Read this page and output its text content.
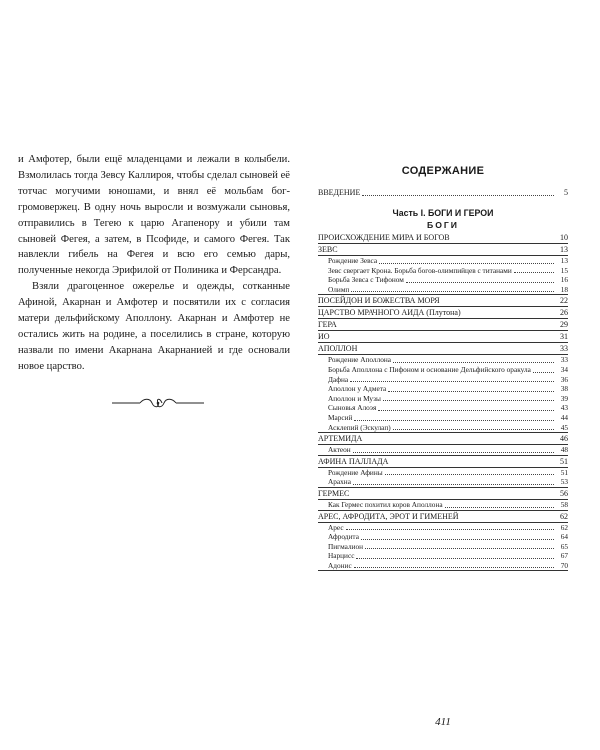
и Амфотер, были ещё младенцами и лежали в колыбели. Взмолилась тогда Зевсу Каллироя, чтобы сделал сыновей её тотчас могучими юношами, и внял её мольбам бог-громовержец. В одну ночь выросли и возмужали сыновья, отправились в Тегею к царю Агапенору и убили там сыновей Фегея, а затем, в Псофиде, и самого Фегея. Так навлекли гибель на Фегея и всю его семью дары, полученные некогда Эрифилой от Полиника и Ферсандра.

Взяли драгоценное ожерелье и одежды, сотканные Афиной, Акарнан и Амфотер и посвятили их с согласия матери дельфийскому Аполлону. Акарнан и Амфотер не остались жить на родине, а поселились в стране, которую назвали по имени Акарнана Акарнанией и где основали новое царство.

СОДЕРЖАНИЕ
ВВЕДЕНИЕ	5
Часть I. БОГИ И ГЕРОИ
БОГИ
ПРОИСХОЖДЕНИЕ МИРА И БОГОВ	10
ЗЕВС	13
Рождение Зевса	13
Зевс свергает Крона. Борьба богов-олимпийцев с титанами	15
Борьба Зевса с Тифоном	16
Олимп	18
ПОСЕЙДОН И БОЖЕСТВА МОРЯ	22
ЦАРСТВО МРАЧНОГО АИДА (Плутона)	26
ГЕРА	29
ИО	31
АПОЛЛОН	33
Рождение Аполлона	33
Борьба Аполлона с Пифоном и основание Дельфийского оракула	34
Дафна	36
Аполлон у Адмета	38
Аполлон и Музы	39
Сыновья Алоэя	43
Марсий	44
Асклепий (Эскулап)	45
АРТЕМИДА	46
Актеон	48
АФИНА ПАЛЛАДА	51
Рождение Афины	51
Арахна	53
ГЕРМЕС	56
Как Гермес похитил коров Аполлона	58
АРЕС, АФРОДИТА, ЭРОТ И ГИМЕНЕЙ	62
Арес	62
Афродита	64
Пигмалион	65
Нарцисс	67
Адонис	70
411
